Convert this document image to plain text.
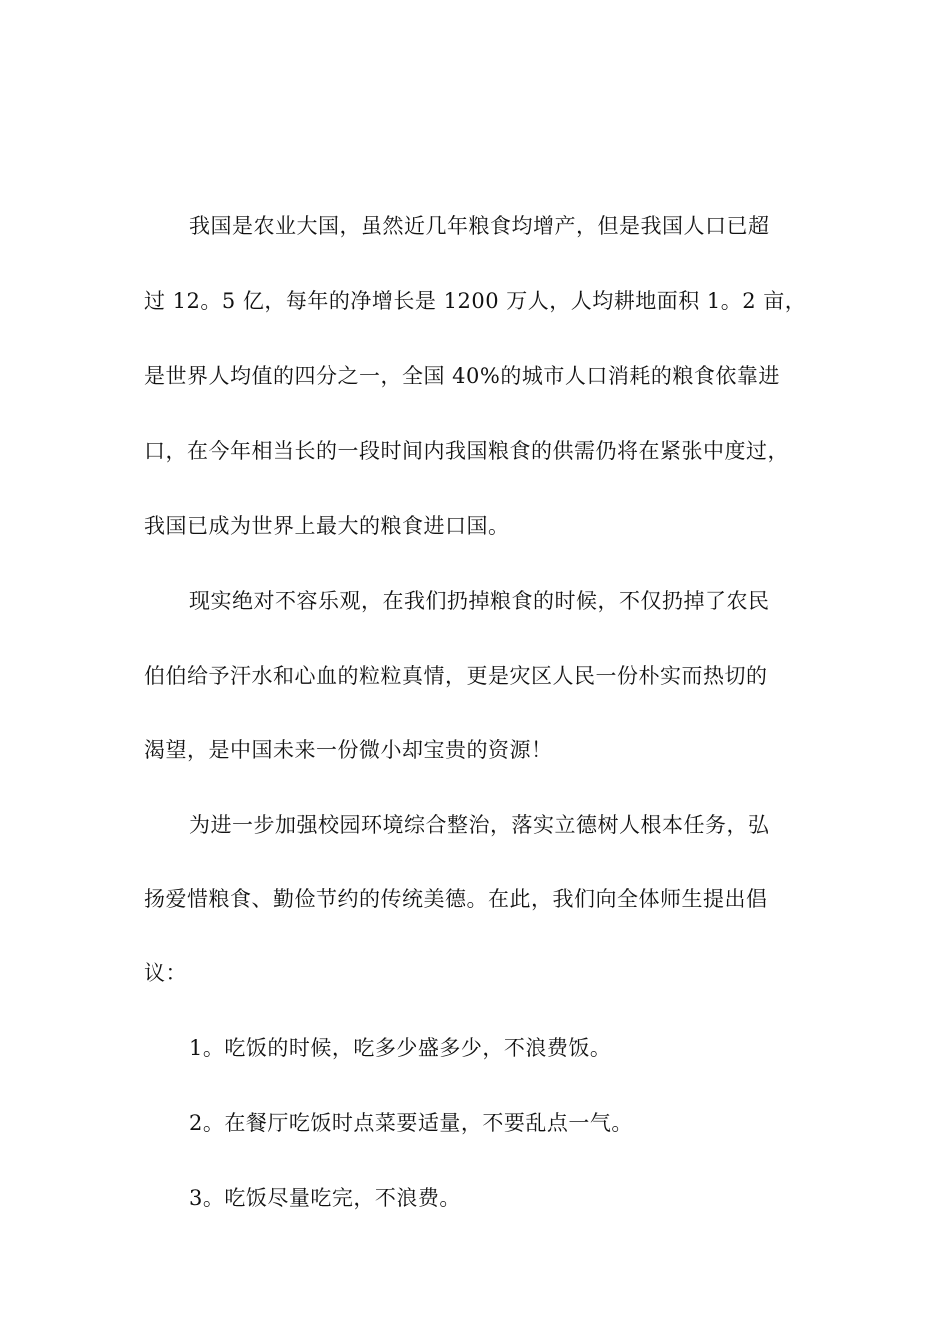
我国是农业大国，虽然近几年粮食均增产，但是我国人口已超
过 12。5 亿，每年的净增长是 1200 万人，人均耕地面积 1。2 亩，
是世界人均值的四分之一，全国 40%的城市人口消耗的粮食依靠进
口，在今年相当长的一段时间内我国粮食的供需仍将在紧张中度过，
我国已成为世界上最大的粮食进口国。
现实绝对不容乐观，在我们扔掉粮食的时候，不仅扔掉了农民
伯伯给予汗水和心血的粒粒真情，更是灾区人民一份朴实而热切的
渴望，是中国未来一份微小却宝贵的资源！
为进一步加强校园环境综合整治，落实立德树人根本任务，弘
扬爱惜粮食、勤俭节约的传统美德。在此，我们向全体师生提出倡
议：
1。吃饭的时候，吃多少盛多少，不浪费饭。
2。在餐厅吃饭时点菜要适量，不要乱点一气。
3。吃饭尽量吃完，不浪费。
